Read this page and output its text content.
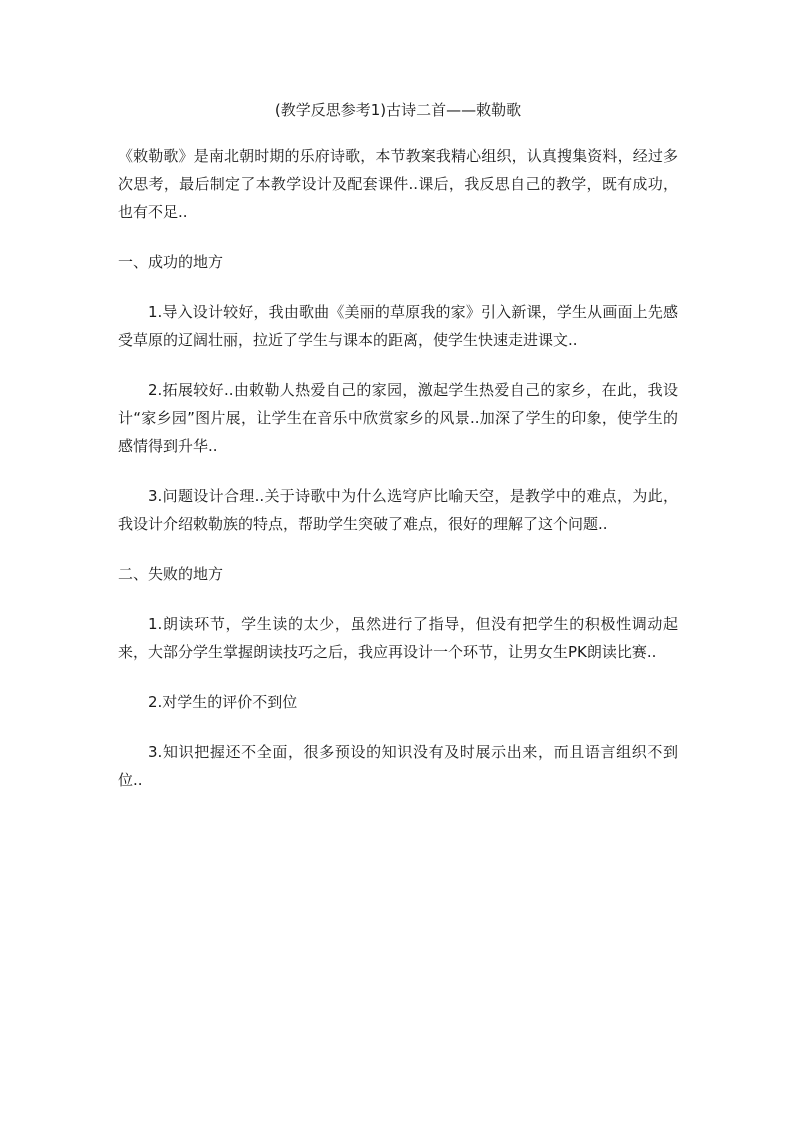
(教学反思参考1)古诗二首——敕勒歌

《敕勒歌》是南北朝时期的乐府诗歌，本节教案我精心组织，认真搜集资料，经过多次思考，最后制定了本教学设计及配套课件..课后，我反思自己的教学，既有成功，也有不足..

一、成功的地方

1.导入设计较好，我由歌曲《美丽的草原我的家》引入新课，学生从画面上先感受草原的辽阔壮丽，拉近了学生与课本的距离，使学生快速走进课文..

2.拓展较好..由敕勒人热爱自己的家园，激起学生热爱自己的家乡，在此，我设计“家乡园”图片展，让学生在音乐中欣赏家乡的风景..加深了学生的印象，使学生的感情得到升华..

3.问题设计合理..关于诗歌中为什么选穹庐比喻天空，是教学中的难点，为此，我设计介绍敕勒族的特点，帮助学生突破了难点，很好的理解了这个问题..

二、失败的地方

1.朗读环节，学生读的太少，虽然进行了指导，但没有把学生的积极性调动起来，大部分学生掌握朗读技巧之后，我应再设计一个环节，让男女生PK朗读比赛..

2.对学生的评价不到位

3.知识把握还不全面，很多预设的知识没有及时展示出来，而且语言组织不到位..
